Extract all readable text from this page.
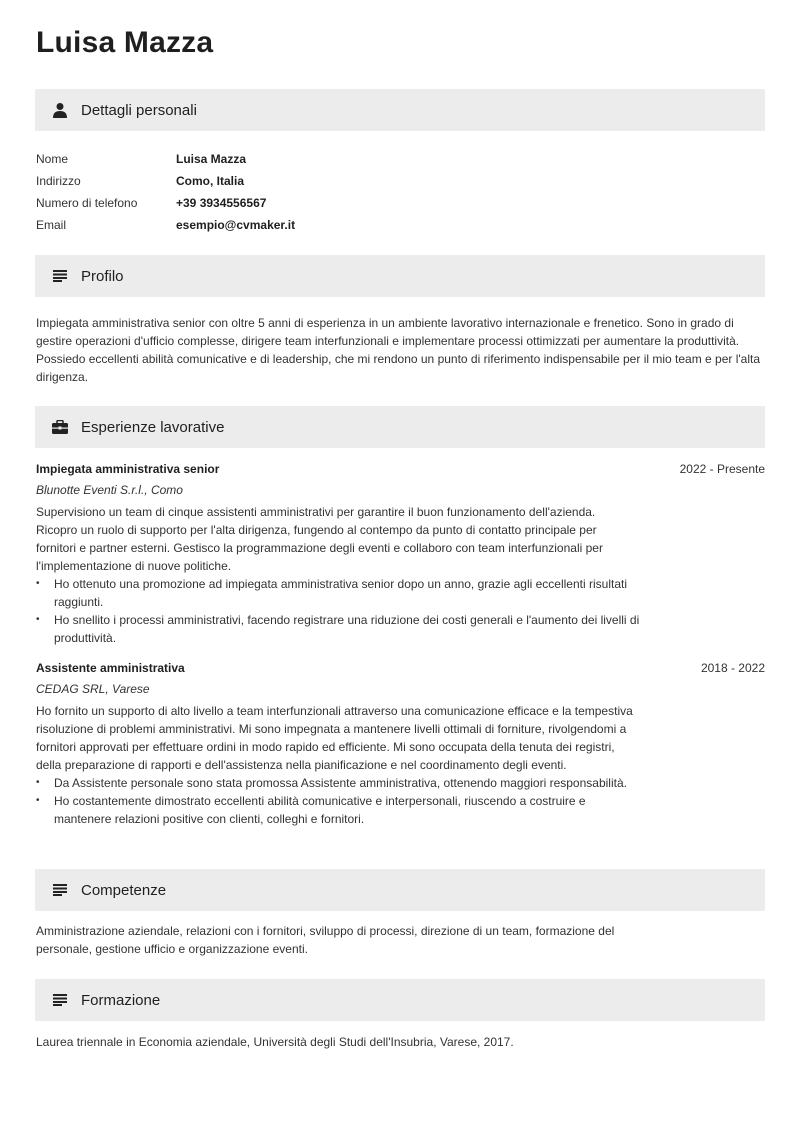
Luisa Mazza
Dettagli personali
Nome	Luisa Mazza
Indirizzo	Como, Italia
Numero di telefono	+39 3934556567
Email	esempio@cvmaker.it
Profilo
Impiegata amministrativa senior con oltre 5 anni di esperienza in un ambiente lavorativo internazionale e frenetico. Sono in grado di gestire operazioni d'ufficio complesse, dirigere team interfunzionali e implementare processi ottimizzati per aumentare la produttività. Possiedo eccellenti abilità comunicative e di leadership, che mi rendono un punto di riferimento indispensabile per il mio team e per l'alta dirigenza.
Esperienze lavorative
Impiegata amministrativa senior	2022 - Presente
Blunotte Eventi S.r.l., Como
Supervisiono un team di cinque assistenti amministrativi per garantire il buon funzionamento dell'azienda. Ricopro un ruolo di supporto per l'alta dirigenza, fungendo al contempo da punto di contatto principale per fornitori e partner esterni. Gestisco la programmazione degli eventi e collaboro con team interfunzionali per l'implementazione di nuove politiche.
• Ho ottenuto una promozione ad impiegata amministrativa senior dopo un anno, grazie agli eccellenti risultati raggiunti.
• Ho snellito i processi amministrativi, facendo registrare una riduzione dei costi generali e l'aumento dei livelli di produttività.
Assistente amministrativa	2018 - 2022
CEDAG SRL, Varese
Ho fornito un supporto di alto livello a team interfunzionali attraverso una comunicazione efficace e la tempestiva risoluzione di problemi amministrativi. Mi sono impegnata a mantenere livelli ottimali di forniture, rivolgendomi a fornitori approvati per effettuare ordini in modo rapido ed efficiente. Mi sono occupata della tenuta dei registri, della preparazione di rapporti e dell'assistenza nella pianificazione e nel coordinamento degli eventi.
• Da Assistente personale sono stata promossa Assistente amministrativa, ottenendo maggiori responsabilità.
• Ho costantemente dimostrato eccellenti abilità comunicative e interpersonali, riuscendo a costruire e mantenere relazioni positive con clienti, colleghi e fornitori.
Competenze
Amministrazione aziendale, relazioni con i fornitori, sviluppo di processi, direzione di un team, formazione del personale, gestione ufficio e organizzazione eventi.
Formazione
Laurea triennale in Economia aziendale, Università degli Studi dell'Insubria, Varese, 2017.
